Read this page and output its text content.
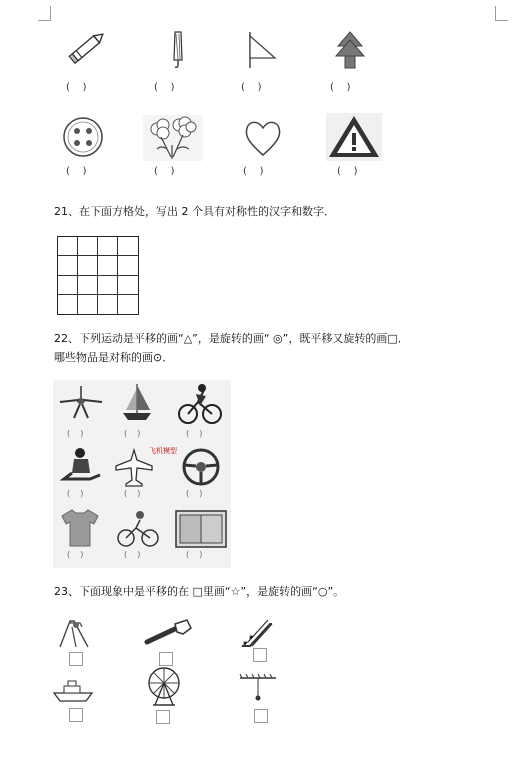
(    )	(    )	(    )	(    )
(    )	(    )	(    )	(    )
21、在下面方格处，写出 2 个具有对称性的汉字和数字．
22、下列运动是平移的画“△”，是旋转的画“ ◎”，既平移又旋转的画□．
哪些物品是对称的画⊙．
(    )	(    )	(    )
飞机模型
(    )	(    )	(    )
(    )	(    )	(    )
23、下面现象中是平移的在 □里画“☆”，是旋转的画“○”。
